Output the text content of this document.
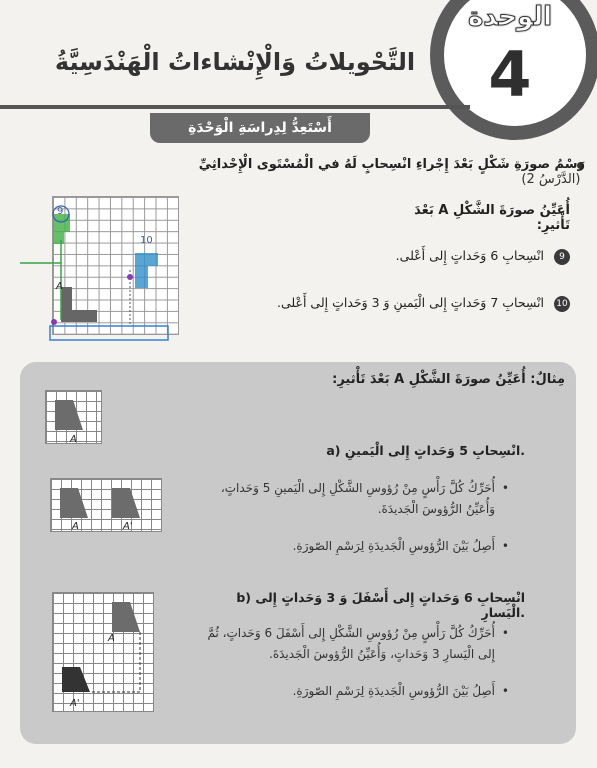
الوحدة
4
التَّحْويلاتُ وَالْإِنْشاءاتُ الْهَنْدَسِيَّةُ
أَسْتَعِدُّ لِدِراسَةِ الْوَحْدَةِ
رَسْمُ صورَةِ شَكْلٍ بَعْدَ إِجْراءِ انْسِحابٍ لَهُ في الْمُسْتَوى الْإِحْداثِيِّ  (الدَّرْسُ 2)
أُعَيِّنُ صورَةَ الشَّكْلِ A بَعْدَ تَأْثيرِ:
9 انْسِحابِ 6 وَحَداتٍ إِلى أَعْلى.
10 انْسِحابِ 7 وَحَداتٍ إِلى الْيَمينِ وَ 3 وَحَداتٍ إِلى أَعْلى.
A
9
10
مِثالٌ: أُعَيِّنُ صورَةَ الشَّكْلِ A بَعْدَ تَأْثيرِ:
A
a) انْسِحابِ 5 وَحَداتٍ إِلى الْيَمينِ.
A	A'
أُحَرِّكُ كُلَّ رَأْسٍ مِنْ رُؤوسِ الشَّكْلِ إِلى الْيَمينِ 5 وَحَداتٍ، وَأُعَيِّنُ الرُّؤوسَ الْجَديدَةَ. •
أَصِلُ بَيْنَ الرُّؤوسِ الْجَديدَةِ لِرَسْمِ الصّورَةِ. •
b) انْسِحابِ 6 وَحَداتٍ إِلى أَسْفَلَ وَ 3 وَحَداتٍ إِلى الْيَسارِ.
A
A'
أُحَرِّكُ كُلَّ رَأْسٍ مِنْ رُؤوسِ الشَّكْلِ إِلى أَسْفَلَ 6 وَحَداتٍ، ثُمَّ إِلى الْيَسارِ 3 وَحَداتٍ، وَأُعَيِّنُ الرُّؤوسَ الْجَديدَةَ. •
أَصِلُ بَيْنَ الرُّؤوسِ الْجَديدَةِ لِرَسْمِ الصّورَةِ. •
